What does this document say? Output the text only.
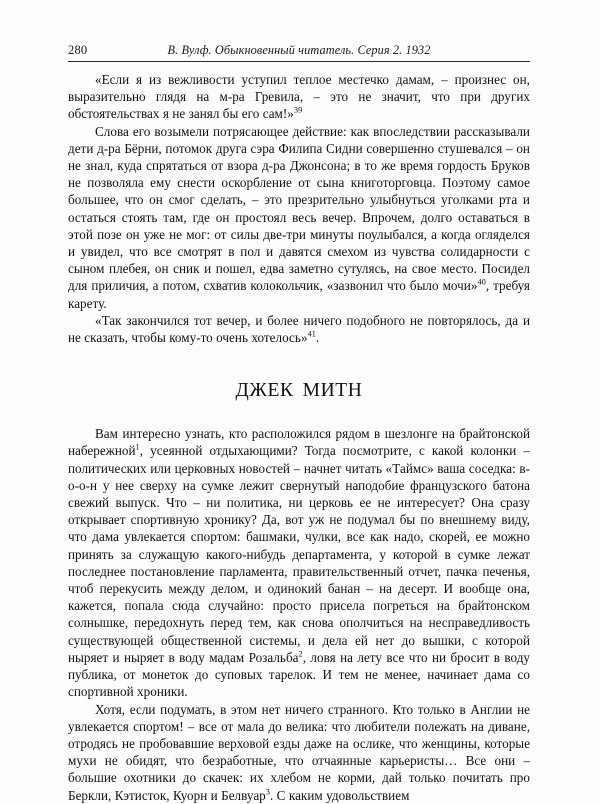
280	В. Вулф. Обыкновенный читатель. Серия 2. 1932

«Если я из вежливости уступил теплое местечко дамам, – произнес он, выразительно глядя на м-ра Гревила, – это не значит, что при других обстоятельствах я не занял бы его сам!»$^{39}$

Слова его возымели потрясающее действие: как впоследствии рассказывали дети д-ра Бёрни, потомок друга сэра Филипа Сидни совершенно стушевался – он не знал, куда спрятаться от взора д-ра Джонсона; в то же время гордость Бруков не позволяла ему снести оскорбление от сына книготорговца. Поэтому самое большее, что он смог сделать, – это презрительно улыбнуться уголками рта и остаться стоять там, где он простоял весь вечер. Впрочем, долго оставаться в этой позе он уже не мог: от силы две-три минуты поулыбался, а когда огляделся и увидел, что все смотрят в пол и давятся смехом из чувства солидарности с сыном плебея, он сник и пошел, едва заметно сутулясь, на свое место. Посидел для приличия, а потом, схватив колокольчик, «зазвонил что было мочи»$^{40}$, требуя карету.

«Так закончился тот вечер, и более ничего подобного не повторялось, да и не сказать, чтобы кому-то очень хотелось»$^{41}$.

ДЖЕК МИТН

Вам интересно узнать, кто расположился рядом в шезлонге на брайтонской набережной$^1$, усеянной отдыхающими? Тогда посмотрите, с какой колонки – политических или церковных новостей – начнет читать «Таймс» ваша соседка: в-о-о-н у нее сверху на сумке лежит свернутый наподобие французского батона свежий выпуск. Что – ни политика, ни церковь ее не интересует? Она сразу открывает спортивную хронику? Да, вот уж не подумал бы по внешнему виду, что дама увлекается спортом: башмаки, чулки, все как надо, скорей, ее можно принять за служащую какого-нибудь департамента, у которой в сумке лежат последнее постановление парламента, правительственный отчет, пачка печенья, чтоб перекусить между делом, и одинокий банан – на десерт. И вообще она, кажется, попала сюда случайно: просто присела погреться на брайтонском солнышке, передохнуть перед тем, как снова ополчиться на несправедливость существующей общественной системы, и дела ей нет до вышки, с которой ныряет и ныряет в воду мадам Розальба$^2$, ловя на лету все что ни бросит в воду публика, от монеток до суповых тарелок. И тем не менее, начинает дама со спортивной хроники.

Хотя, если подумать, в этом нет ничего странного. Кто только в Англии не увлекается спортом! – все от мала до велика: что любители полежать на диване, отродясь не пробовавшие верховой езды даже на ослике, что женщины, которые мухи не обидят, что безработные, что отчаянные карьеристы… Все они – большие охотники до скачек: их хлебом не корми, дай только почитать про Беркли, Кэтисток, Куорн и Белвуар$^3$. С каким удовольствием
